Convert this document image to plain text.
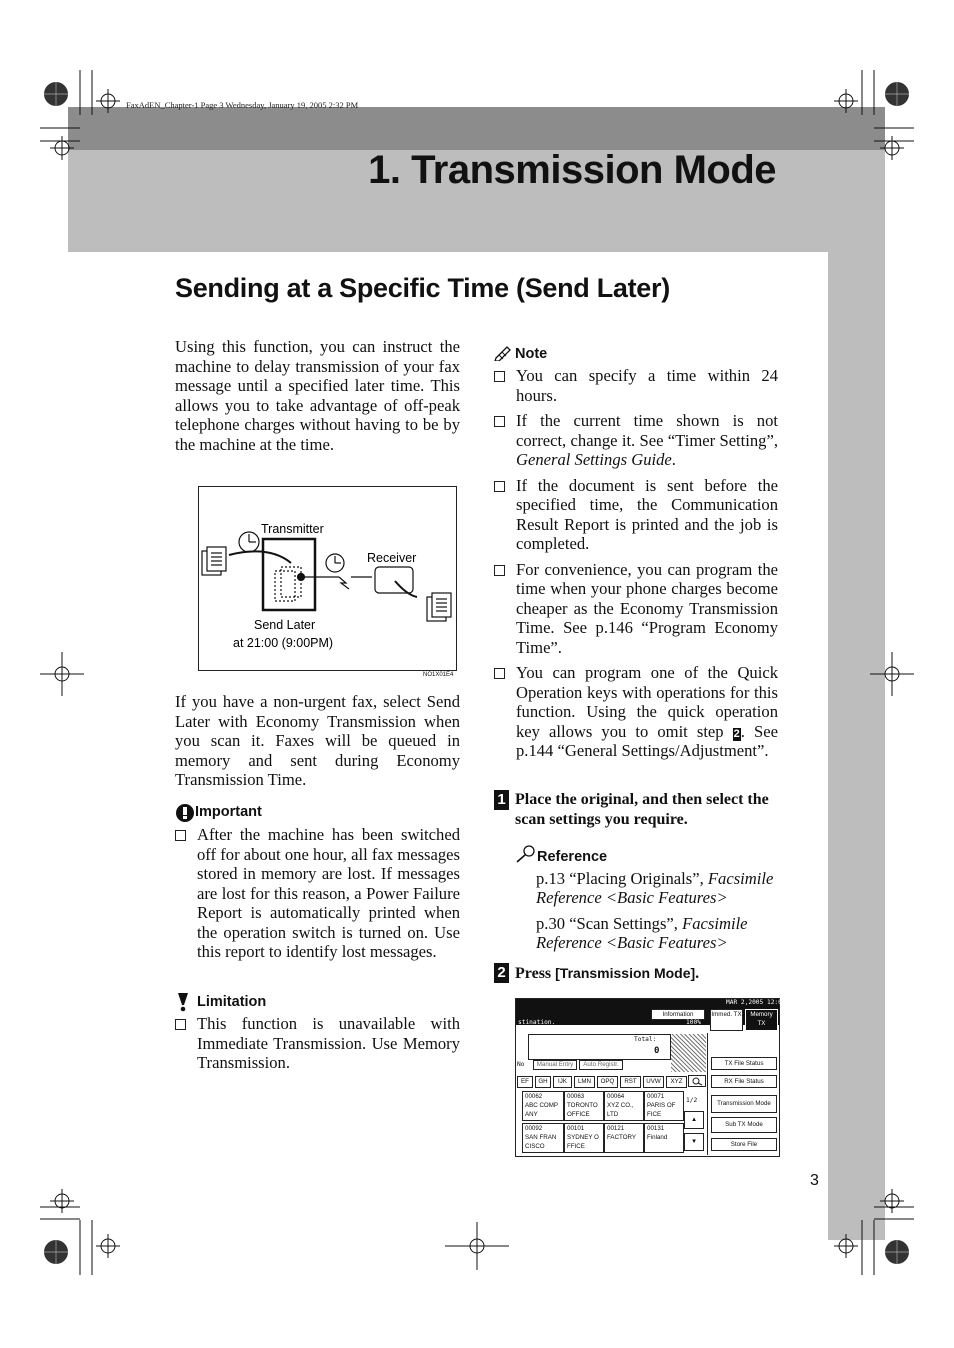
FaxAdEN_Chapter-1 Page 3 Wednesday, January 19, 2005 2:32 PM
1. Transmission Mode
Sending at a Specific Time (Send Later)
Using this function, you can instruct the machine to delay transmission of your fax message until a specified later time. This allows you to take advantage of off-peak telephone charges without having to be by the machine at the time.
Transmitter
Receiver
Send Later
at 21:00 (9:00PM)
NO1X01E4
If you have a non-urgent fax, select Send Later with Economy Transmission when you scan it. Faxes will be queued in memory and sent during Economy Transmission Time.
Important
After the machine has been switched off for about one hour, all fax messages stored in memory are lost. If messages are lost for this reason, a Power Failure Report is automatically printed when the operation switch is turned on. Use this report to identify lost messages.
Limitation
This function is unavailable with Immediate Transmission. Use Memory Transmission.
Note
You can specify a time within 24 hours.
If the current time shown is not correct, change it. See “Timer Setting”, General Settings Guide.
If the document is sent before the specified time, the Communication Result Report is printed and the job is completed.
For convenience, you can program the time when your phone charges become cheaper as the Economy Transmission Time. See p.146 “Program Economy Time”.
You can program one of the Quick Operation keys with operations for this function. Using the quick operation key allows you to omit step 2. See p.144 “General Settings/Adjustment”.
1 Place the original, and then select the scan settings you require.
Reference
p.13 “Placing Originals”, Facsimile Reference <Basic Features>
p.30 “Scan Settings”, Facsimile Reference <Basic Features>
2 Press [Transmission Mode].
MAR 2,2005 12:00PM
Information
stination.	100%
Immed. TX	Memory TX
Total:
0
No	Manual Entry	Auto Registr.
EF	GH	IJK	LMN	OPQ	RST	UVW	XYZ
00062
ABC COMP
ANY
00063
TORONTO
OFFICE
00064
XYZ CO.,
LTD
00071
PARIS OF
FICE
00092
SAN FRAN
CISCO
00101
SYDNEY O
FFICE
00121
FACTORY
00131
Finland
1/2
▲
▼
TX File Status
RX File Status
Transmission Mode
Sub TX Mode
Store File
3
